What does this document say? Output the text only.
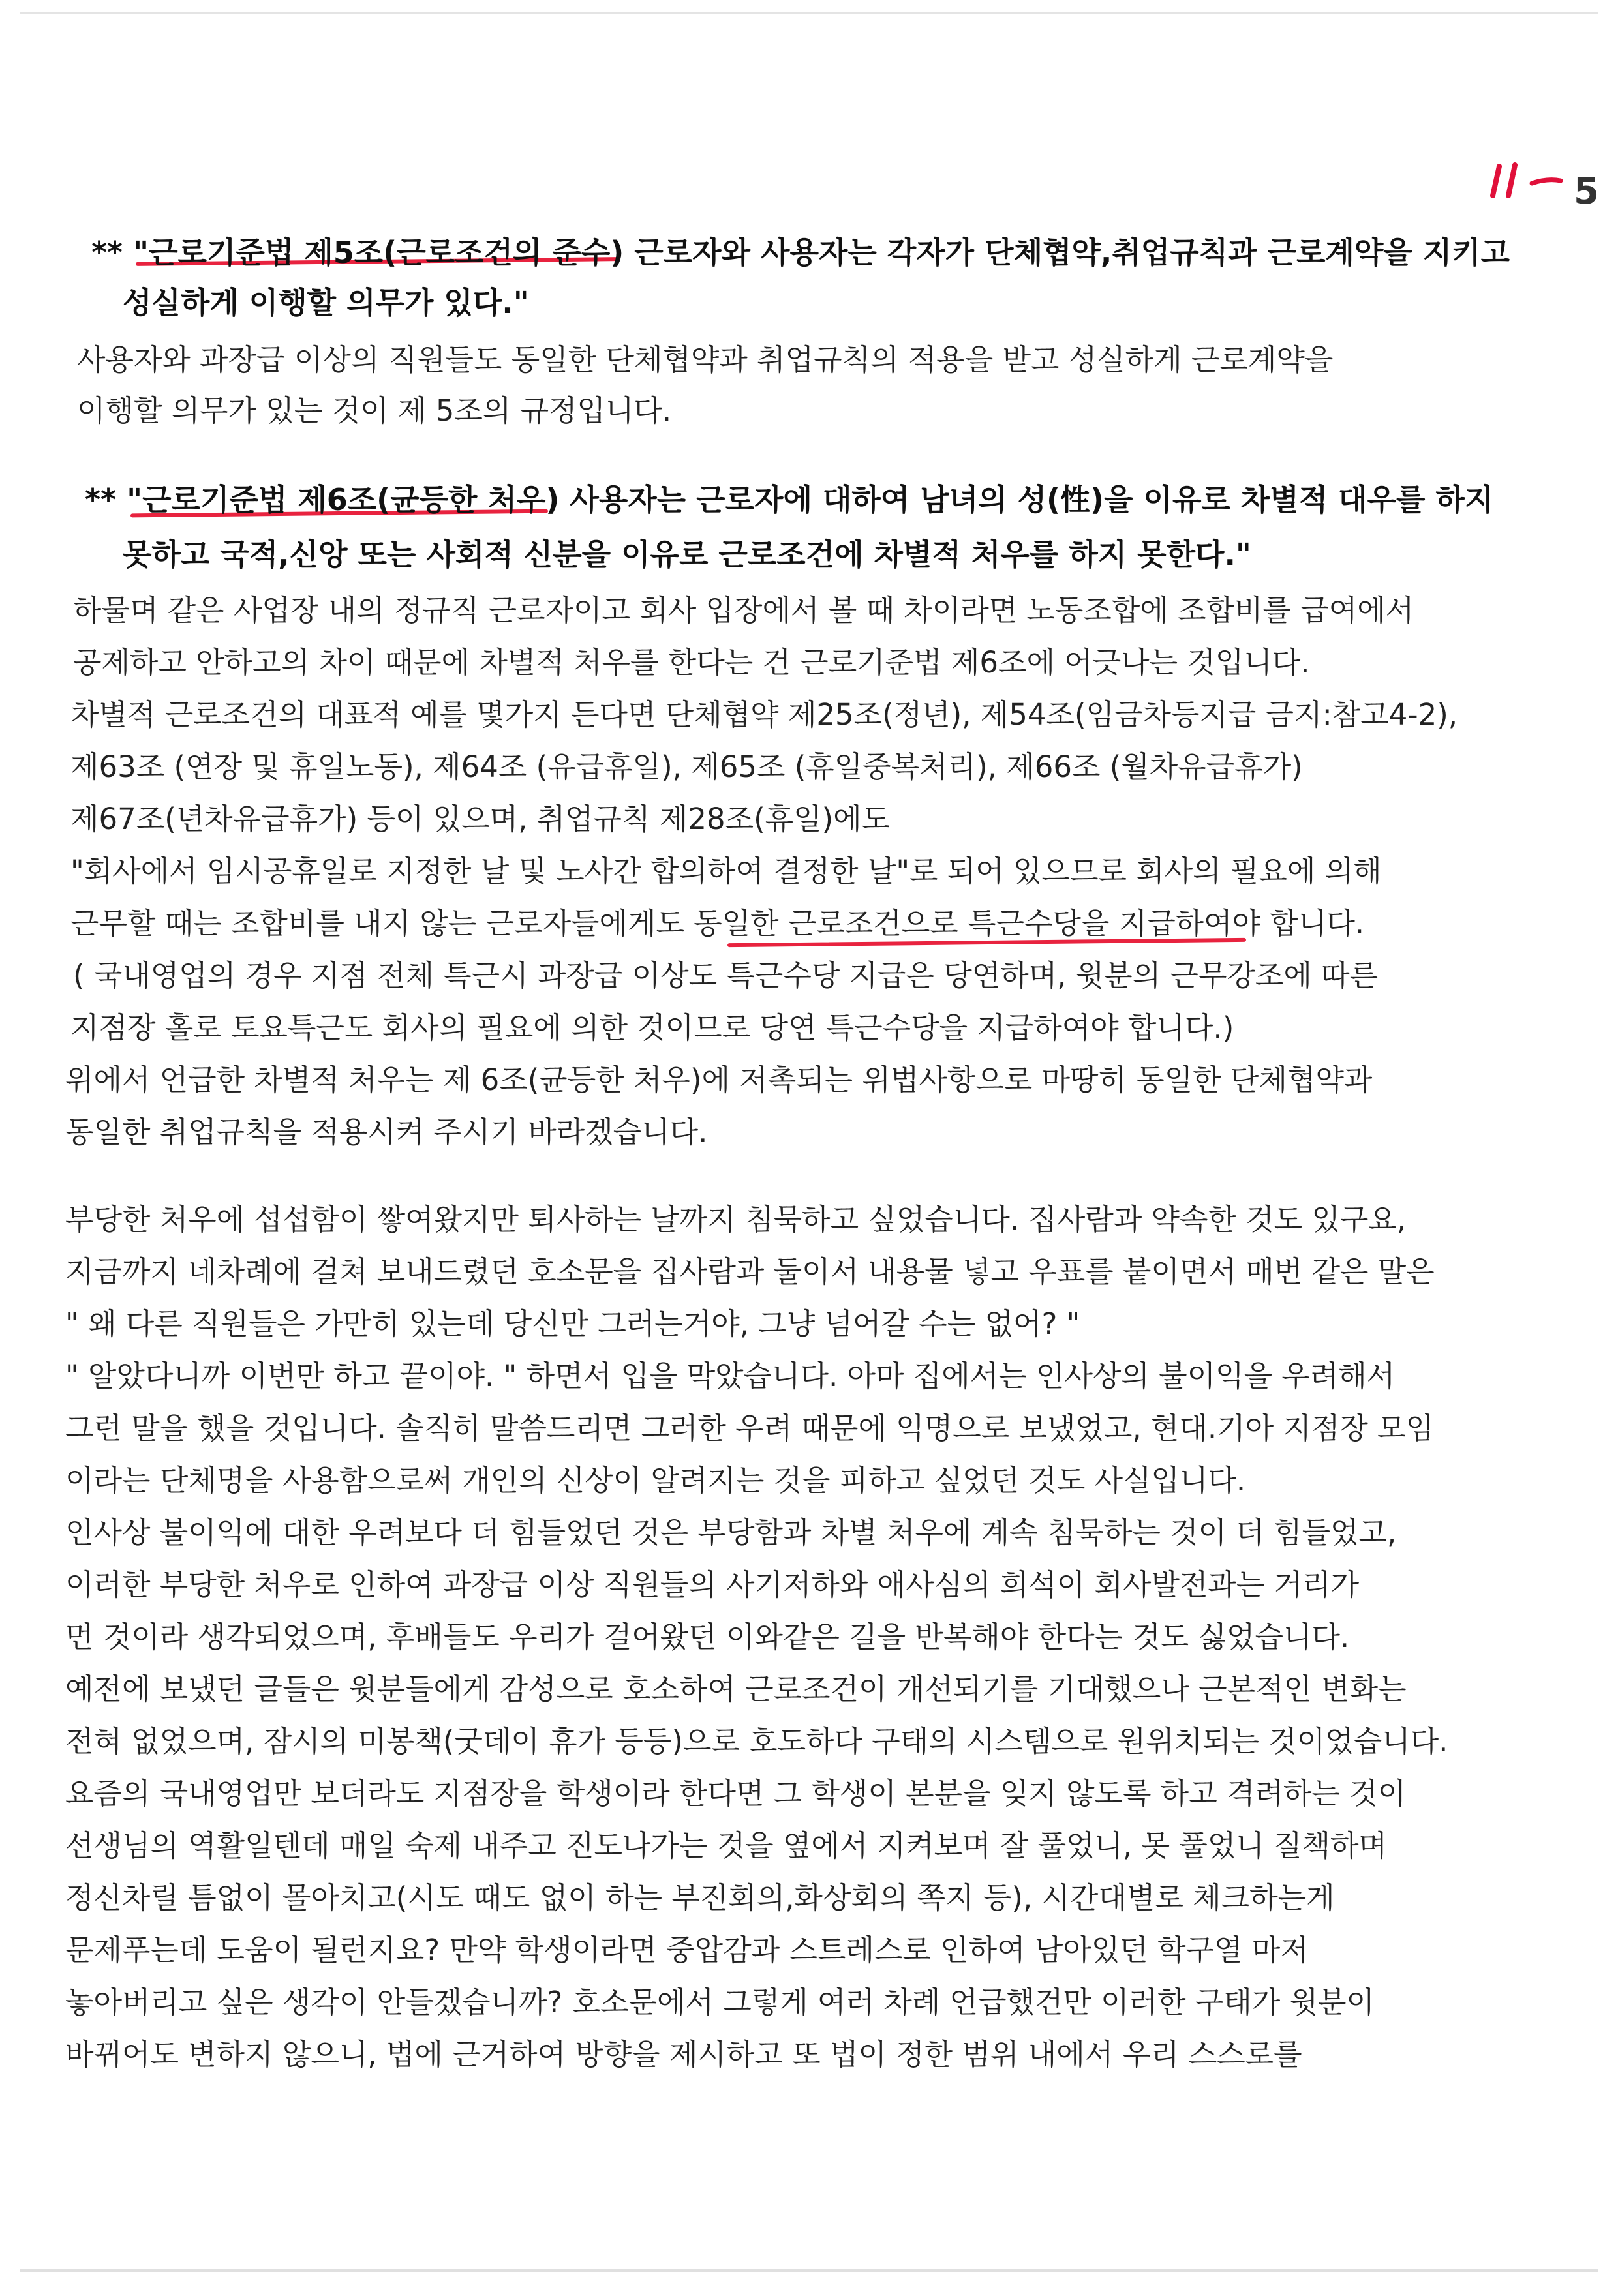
5
** "근로기준법 제5조(근로조건의 준수) 근로자와 사용자는 각자가 단체협약,취업규칙과 근로계약을 지키고
성실하게 이행할 의무가 있다."
사용자와 과장급 이상의 직원들도 동일한 단체협약과 취업규칙의 적용을 받고 성실하게 근로계약을
이행할 의무가 있는 것이 제 5조의 규정입니다.
** "근로기준법 제6조(균등한 처우) 사용자는 근로자에 대하여 남녀의 성(性)을 이유로 차별적 대우를 하지
못하고 국적,신앙 또는 사회적 신분을 이유로 근로조건에 차별적 처우를 하지 못한다."
하물며 같은 사업장 내의 정규직 근로자이고 회사 입장에서 볼 때 차이라면 노동조합에 조합비를 급여에서
공제하고 안하고의 차이 때문에 차별적 처우를 한다는 건 근로기준법 제6조에 어긋나는 것입니다.
차별적 근로조건의 대표적 예를 몇가지 든다면 단체협약 제25조(정년), 제54조(임금차등지급 금지:참고4-2),
제63조 (연장 및 휴일노동), 제64조 (유급휴일), 제65조 (휴일중복처리), 제66조 (월차유급휴가)
제67조(년차유급휴가) 등이 있으며, 취업규칙 제28조(휴일)에도
"회사에서 임시공휴일로 지정한 날 및 노사간 합의하여 결정한 날"로 되어 있으므로 회사의 필요에 의해
근무할 때는 조합비를 내지 않는 근로자들에게도 동일한 근로조건으로 특근수당을 지급하여야 합니다.
( 국내영업의 경우 지점 전체 특근시 과장급 이상도 특근수당 지급은 당연하며, 윗분의 근무강조에 따른
지점장 홀로 토요특근도 회사의 필요에 의한 것이므로 당연 특근수당을 지급하여야 합니다.)
위에서 언급한 차별적 처우는 제 6조(균등한 처우)에 저촉되는 위법사항으로 마땅히 동일한 단체협약과
동일한 취업규칙을 적용시켜 주시기 바라겠습니다.
부당한 처우에 섭섭함이 쌓여왔지만 퇴사하는 날까지 침묵하고 싶었습니다. 집사람과 약속한 것도 있구요,
지금까지 네차례에 걸쳐 보내드렸던 호소문을 집사람과 둘이서 내용물 넣고 우표를 붙이면서 매번 같은 말은
" 왜 다른 직원들은 가만히 있는데 당신만 그러는거야, 그냥 넘어갈 수는 없어? "
" 알았다니까 이번만 하고 끝이야. " 하면서 입을 막았습니다. 아마 집에서는 인사상의 불이익을 우려해서
그런 말을 했을 것입니다. 솔직히 말씀드리면 그러한 우려 때문에 익명으로 보냈었고, 현대.기아 지점장 모임
이라는 단체명을 사용함으로써 개인의 신상이 알려지는 것을 피하고 싶었던 것도 사실입니다.
인사상 불이익에 대한 우려보다 더 힘들었던 것은 부당함과 차별 처우에 계속 침묵하는 것이 더 힘들었고,
이러한 부당한 처우로 인하여 과장급 이상 직원들의 사기저하와 애사심의 희석이 회사발전과는 거리가
먼 것이라 생각되었으며, 후배들도 우리가 걸어왔던 이와같은 길을 반복해야 한다는 것도 싫었습니다.
예전에 보냈던 글들은 윗분들에게 감성으로 호소하여 근로조건이 개선되기를 기대했으나 근본적인 변화는
전혀 없었으며, 잠시의 미봉책(굿데이 휴가 등등)으로 호도하다 구태의 시스템으로 원위치되는 것이었습니다.
요즘의 국내영업만 보더라도 지점장을 학생이라 한다면 그 학생이 본분을 잊지 않도록 하고 격려하는 것이
선생님의 역활일텐데 매일 숙제 내주고 진도나가는 것을 옆에서 지켜보며 잘 풀었니, 못 풀었니 질책하며
정신차릴 틈없이 몰아치고(시도 때도 없이 하는 부진회의,화상회의 쪽지 등), 시간대별로 체크하는게
문제푸는데 도움이 될런지요? 만약 학생이라면 중압감과 스트레스로 인하여 남아있던 학구열 마저
놓아버리고 싶은 생각이 안들겠습니까? 호소문에서 그렇게 여러 차례 언급했건만 이러한 구태가 윗분이
바뀌어도 변하지 않으니, 법에 근거하여 방향을 제시하고 또 법이 정한 범위 내에서 우리 스스로를
